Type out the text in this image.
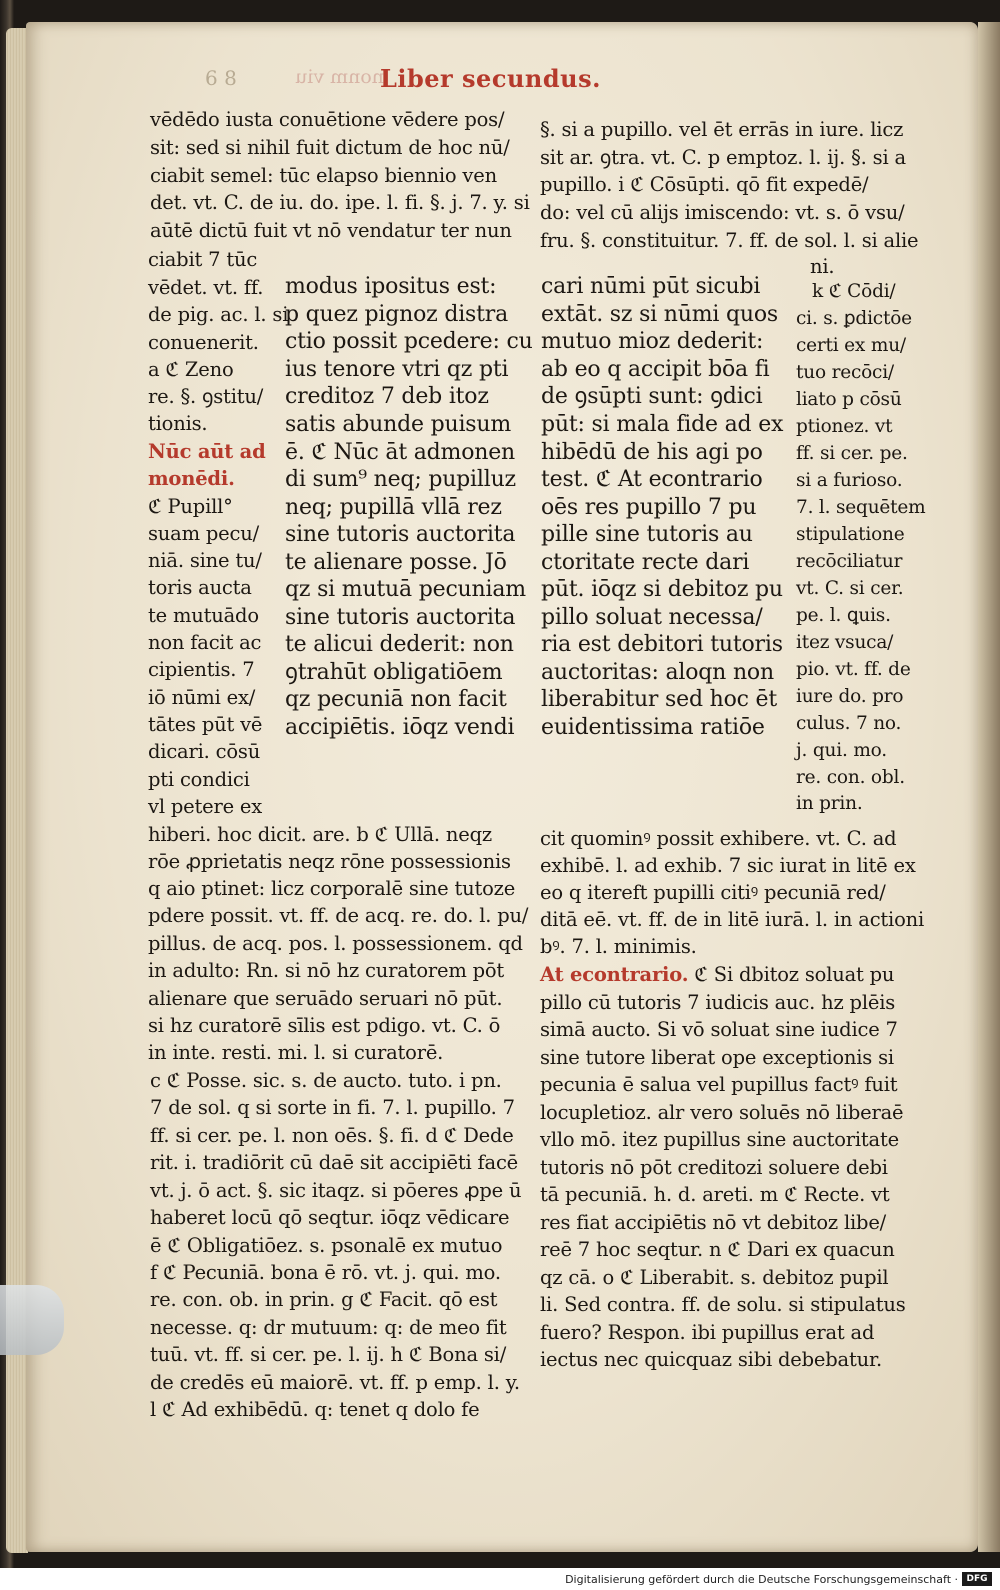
nonm viu
6 8	Liber secundus.
vēdēdo iusta conuētione vēdere pos/
sit: sed si nihil fuit dictum de hoc nū/
ciabit semel: tūc elapso biennio ven
det. vt. C. de iu. do. ipe. l. fi. §. j. 7. y. si
aūtē dictū fuit vt nō vendatur ter nun
ciabit 7 tūc
vēdet. vt. ff.
de pig. ac. l. si
conuenerit.
a ℭ Zeno
re. §. ꝯstitu/
tionis.
Nūc aūt ad
monēdi.
ℭ Pupill°
suam pecu/
niā. sine tu/
toris aucta
te mutuādo
non facit ac
cipientis. 7
iō nūmi ex/
tātes pūt vē
dicari. cōsū
pti condici
vl petere ex
modus ipositus est:
p quez pignoz distra
ctio possit pcedere: cu
ius tenore vtri qz pti
creditoz 7 deb itoz
satis abunde puisum
ē. ℭ Nūc āt admonen
di sum⁹ neq; pupilluz
neq; pupillā vllā rez
sine tutoris auctorita
te alienare posse. Jō
qz si mutuā pecuniam
sine tutoris auctorita
te alicui dederit: non
ꝯtrahūt obligatiōem
qz pecuniā non facit
accipiētis. iōqz vendi
cari nūmi pūt sicubi
extāt. sz si nūmi quos
mutuo mioz dederit:
ab eo q accipit bōa fi
de ꝯsūpti sunt: ꝯdici
pūt: si mala fide ad ex
hibēdū de his agi po
test. ℭ At econtrario
oēs res pupillo 7 pu
pille sine tutoris au
ctoritate recte dari
pūt. iōqz si debitoz pu
pillo soluat necessa/
ria est debitori tutoris
auctoritas: aloqn non
liberabitur sed hoc ēt
euidentissima ratiōe
§. si a pupillo. vel ēt errās in iure. licz
sit ar. ꝯtra. vt. C. p emptoz. l. ij. §. si a
pupillo. i ℭ Cōsūpti. qō fit expedē/
do: vel cū alijs imiscendo: vt. s. ō vsu/
fru. §. constituitur. 7. ff. de sol. l. si alie
ni.
k ℭ Cōdi/
ci. s. ꝑdictōe
certi ex mu/
tuo recōci/
liato p cōsū
ptionez. vt
ff. si cer. pe.
si a furioso.
7. l. sequētem
stipulatione
recōciliatur
vt. C. si cer.
pe. l. ꝗuis.
itez vsuca/
pio. vt. ff. de
iure do. pro
culus. 7 no.
j. qui. mo.
re. con. obl.
in prin.
hiberi. hoc dicit. are. b ℭ Ullā. neqz
rōe ꝓprietatis neqz rōne possessionis
q aio ptinet: licz corporalē sine tutoze
pdere possit. vt. ff. de acq. re. do. l. pu/
pillus. de acq. pos. l. possessionem. qd
in adulto: Rn. si nō hz curatorem pōt
alienare que seruādo seruari nō pūt.
si hz curatorē sīlis est pdigo. vt. C. ō
in inte. resti. mi. l. si curatorē.
c ℭ Posse. sic. s. de aucto. tuto. i pn.
7 de sol. q si sorte in fi. 7. l. pupillo. 7
ff. si cer. pe. l. non oēs. §. fi. d ℭ Dede
rit. i. tradiōrit cū daē sit accipiēti facē
vt. j. ō act. §. sic itaqz. si pōeres ꝓpe ū
haberet locū qō seqtur. iōqz vēdicare
ē ℭ Obligatiōez. s. psonalē ex mutuo
f ℭ Pecuniā. bona ē rō. vt. j. qui. mo.
re. con. ob. in prin. g ℭ Facit. qō est
necesse. q: dr mutuum: q: de meo fit
tuū. vt. ff. si cer. pe. l. ij. h ℭ Bona si/
de credēs eū maiorē. vt. ff. p emp. l. y.
l ℭ Ad exhibēdū. q: tenet q dolo fe
cit quominꝰ possit exhibere. vt. C. ad
exhibē. l. ad exhib. 7 sic iurat in litē ex
eo q itereft pupilli citiꝰ pecuniā red/
ditā eē. vt. ff. de in litē iurā. l. in actioni
bꝰ. 7. l. minimis.
At econtrario. ℭ Si dbitoz soluat pu
pillo cū tutoris 7 iudicis auc. hz plēis
simā aucto. Si vō soluat sine iudice 7
sine tutore liberat ope exceptionis si
pecunia ē salua vel pupillus factꝰ fuit
locupletioz. alr vero soluēs nō liberaē
vllo mō. itez pupillus sine auctoritate
tutoris nō pōt creditozi soluere debi
tā pecuniā. h. d. areti. m ℭ Recte. vt
res fiat accipiētis nō vt debitoz libe/
reē 7 hoc seqtur. n ℭ Dari ex quacun
qz cā. o ℭ Liberabit. s. debitoz pupil
li. Sed contra. ff. de solu. si stipulatus
fuero? Respon. ibi pupillus erat ad
iectus nec quicquaz sibi debebatur.
Digitalisierung gefördert durch die Deutsche Forschungsgemeinschaft · DFG
